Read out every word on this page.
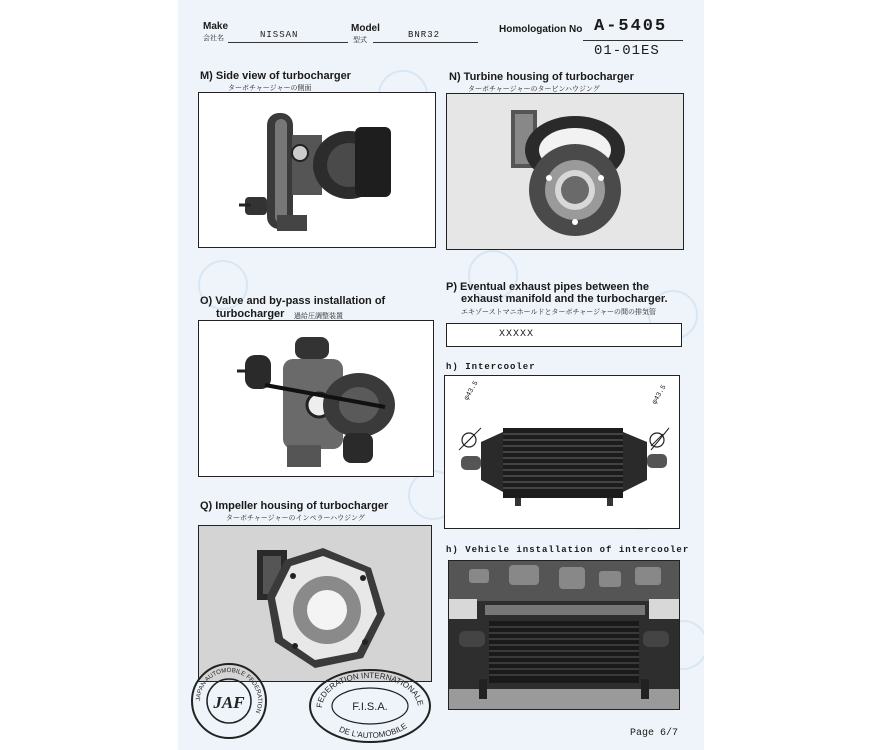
Make
会社名	NISSAN
Model
型式
BNR32	Homologation No A-5405
01-01ES
M) Side view of turbocharger
ターボチャージャーの側面
N) Turbine housing of turbocharger
ターボチャージャーのタービンハウジング
O) Valve and by-pass installation of
turbocharger 過給圧調整装置
P) Eventual exhaust pipes between the
exhaust manifold and the turbocharger.
エキゾーストマニホールドとターボチャージャーの間の排気管
XXXXX
h) Intercooler
φ43.5	φ43.5
Q) Impeller housing of turbocharger
ターボチャージャーのインペラーハウジング
h) Vehicle installation of intercooler
JAPAN AUTOMOBILE FEDERATION
JAF	FEDERATION INTERNATIONALE
F.I.S.A.
DE L'AUTOMOBILE
Page 6/7
